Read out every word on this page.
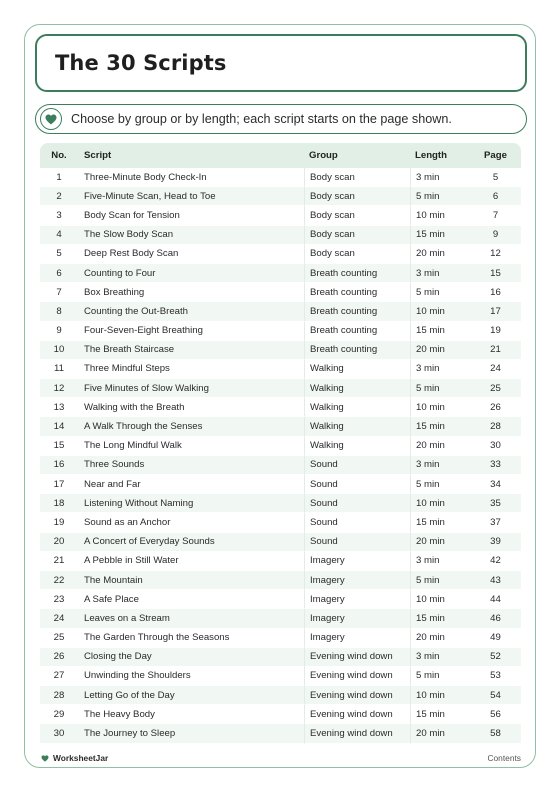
The 30 Scripts
Choose by group or by length; each script starts on the page shown.
No.	Script	Group	Length	Page
1	Three-Minute Body Check-In	Body scan	3 min	5
2	Five-Minute Scan, Head to Toe	Body scan	5 min	6
3	Body Scan for Tension	Body scan	10 min	7
4	The Slow Body Scan	Body scan	15 min	9
5	Deep Rest Body Scan	Body scan	20 min	12
6	Counting to Four	Breath counting	3 min	15
7	Box Breathing	Breath counting	5 min	16
8	Counting the Out-Breath	Breath counting	10 min	17
9	Four-Seven-Eight Breathing	Breath counting	15 min	19
10	The Breath Staircase	Breath counting	20 min	21
11	Three Mindful Steps	Walking	3 min	24
12	Five Minutes of Slow Walking	Walking	5 min	25
13	Walking with the Breath	Walking	10 min	26
14	A Walk Through the Senses	Walking	15 min	28
15	The Long Mindful Walk	Walking	20 min	30
16	Three Sounds	Sound	3 min	33
17	Near and Far	Sound	5 min	34
18	Listening Without Naming	Sound	10 min	35
19	Sound as an Anchor	Sound	15 min	37
20	A Concert of Everyday Sounds	Sound	20 min	39
21	A Pebble in Still Water	Imagery	3 min	42
22	The Mountain	Imagery	5 min	43
23	A Safe Place	Imagery	10 min	44
24	Leaves on a Stream	Imagery	15 min	46
25	The Garden Through the Seasons	Imagery	20 min	49
26	Closing the Day	Evening wind down	3 min	52
27	Unwinding the Shoulders	Evening wind down	5 min	53
28	Letting Go of the Day	Evening wind down	10 min	54
29	The Heavy Body	Evening wind down	15 min	56
30	The Journey to Sleep	Evening wind down	20 min	58
WorksheetJar	Contents
